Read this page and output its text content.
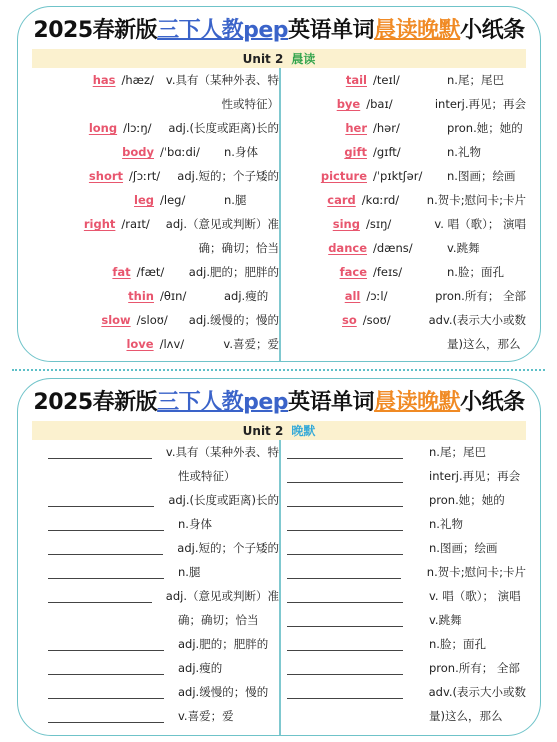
2025春新版 三下人教pep 英语单词 晨读晚默 小纸条
Unit 2 晨读
has /hæz/	v.具有（某种外表、特
性或特征）
long /lɔːŋ/	adj.(长度或距离)长的
body /ˈbɑːdi/	n.身体
short /ʃɔːrt/	adj.短的；个子矮的
leg /leg/	n.腿
right /raɪt/	adj.（意见或判断）准
确；确切；恰当
fat /fæt/	adj.肥的；肥胖的
thin /θɪn/	adj.瘦的
slow /sloʊ/	adj.缓慢的；慢的
love /lʌv/	v.喜爱；爱
tail /teɪl/	n.尾；尾巴
bye /baɪ/	interj.再见；再会
her /hər/	pron.她；她的
gift /gɪft/	n.礼物
picture /ˈpɪktʃər/	n.图画；绘画
card /kɑːrd/	n.贺卡;慰问卡;卡片
sing /sɪŋ/	v. 唱（歌）； 演唱
dance /dæns/	v.跳舞
face /feɪs/	n.脸；面孔
all /ɔːl/	pron.所有； 全部
so /soʊ/	adv.(表示大小或数
量)这么，那么
2025春新版 三下人教pep 英语单词 晨读晚默 小纸条
Unit 2 晚默
v.具有（某种外表、特
性或特征）
adj.(长度或距离)长的
n.身体
adj.短的；个子矮的
n.腿
adj.（意见或判断）准
确；确切；恰当
adj.肥的；肥胖的
adj.瘦的
adj.缓慢的；慢的
v.喜爱；爱
n.尾；尾巴
interj.再见；再会
pron.她；她的
n.礼物
n.图画；绘画
n.贺卡;慰问卡;卡片
v. 唱（歌）； 演唱
v.跳舞
n.脸；面孔
pron.所有； 全部
adv.(表示大小或数
量)这么，那么
